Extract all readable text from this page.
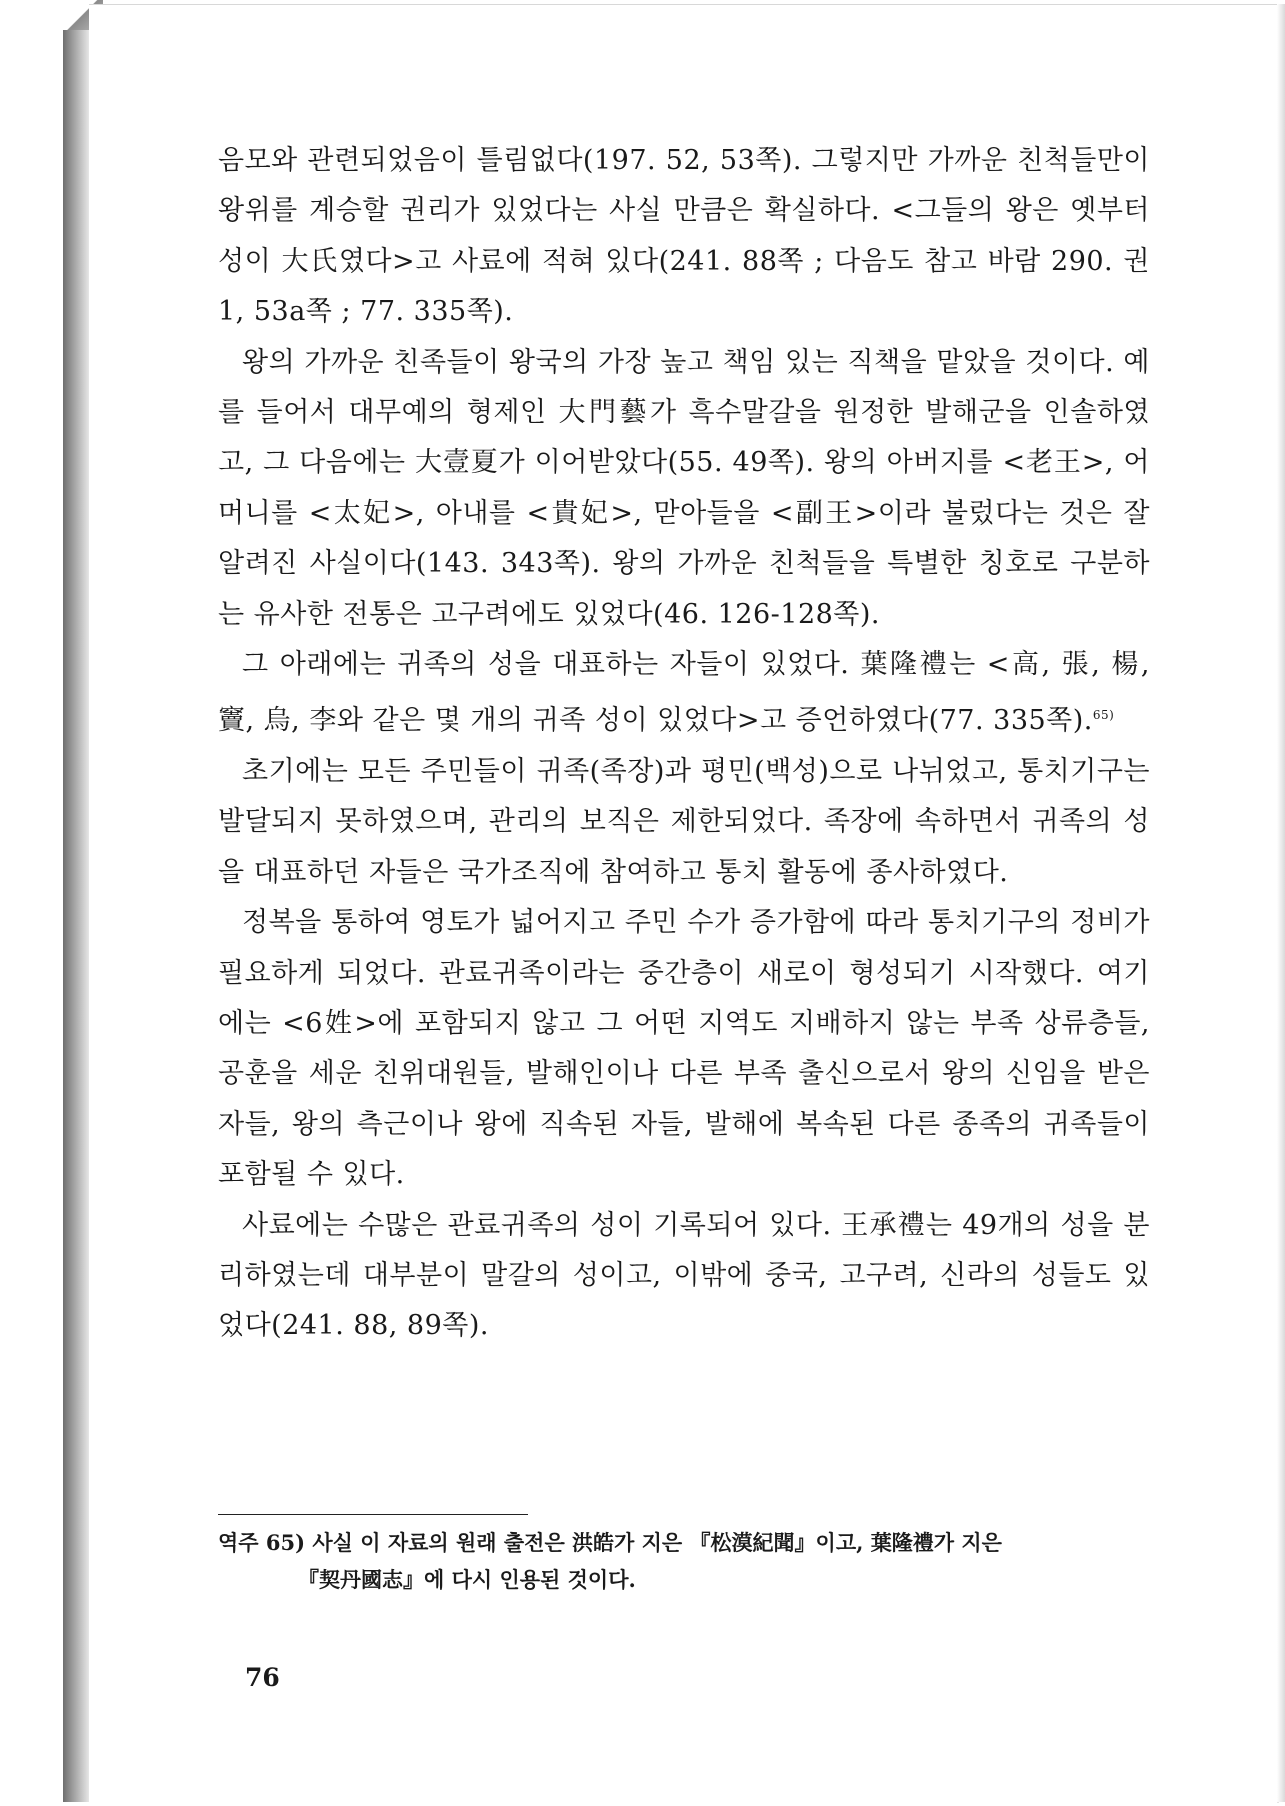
음모와 관련되었음이 틀림없다(197. 52, 53쪽). 그렇지만 가까운 친척들만이 왕위를 계승할 권리가 있었다는 사실 만큼은 확실하다. <그들의 왕은 옛부터 성이 大氏였다>고 사료에 적혀 있다(241. 88쪽 ; 다음도 참고 바람 290. 권1, 53a쪽 ; 77. 335쪽).

왕의 가까운 친족들이 왕국의 가장 높고 책임 있는 직책을 맡았을 것이다. 예를 들어서 대무예의 형제인 大門藝가 흑수말갈을 원정한 발해군을 인솔하였고, 그 다음에는 大壹夏가 이어받았다(55. 49쪽). 왕의 아버지를 <老王>, 어머니를 <太妃>, 아내를 <貴妃>, 맏아들을 <副王>이라 불렀다는 것은 잘 알려진 사실이다(143. 343쪽). 왕의 가까운 친척들을 특별한 칭호로 구분하는 유사한 전통은 고구려에도 있었다(46. 126-128쪽).

그 아래에는 귀족의 성을 대표하는 자들이 있었다. 葉隆禮는 <高, 張, 楊, 竇, 烏, 李와 같은 몇 개의 귀족 성이 있었다>고 증언하였다(77. 335쪽).$^{65)}$

초기에는 모든 주민들이 귀족(족장)과 평민(백성)으로 나뉘었고, 통치기구는 발달되지 못하였으며, 관리의 보직은 제한되었다. 족장에 속하면서 귀족의 성을 대표하던 자들은 국가조직에 참여하고 통치 활동에 종사하였다.

정복을 통하여 영토가 넓어지고 주민 수가 증가함에 따라 통치기구의 정비가 필요하게 되었다. 관료귀족이라는 중간층이 새로이 형성되기 시작했다. 여기에는 <6姓>에 포함되지 않고 그 어떤 지역도 지배하지 않는 부족 상류층들, 공훈을 세운 친위대원들, 발해인이나 다른 부족 출신으로서 왕의 신임을 받은 자들, 왕의 측근이나 왕에 직속된 자들, 발해에 복속된 다른 종족의 귀족들이 포함될 수 있다.

사료에는 수많은 관료귀족의 성이 기록되어 있다. 王承禮는 49개의 성을 분리하였는데 대부분이 말갈의 성이고, 이밖에 중국, 고구려, 신라의 성들도 있었다(241. 88, 89쪽).

역주 65) 사실 이 자료의 원래 출전은 洪皓가 지은 『松漠紀聞』이고, 葉隆禮가 지은
『契丹國志』에 다시 인용된 것이다.
76
